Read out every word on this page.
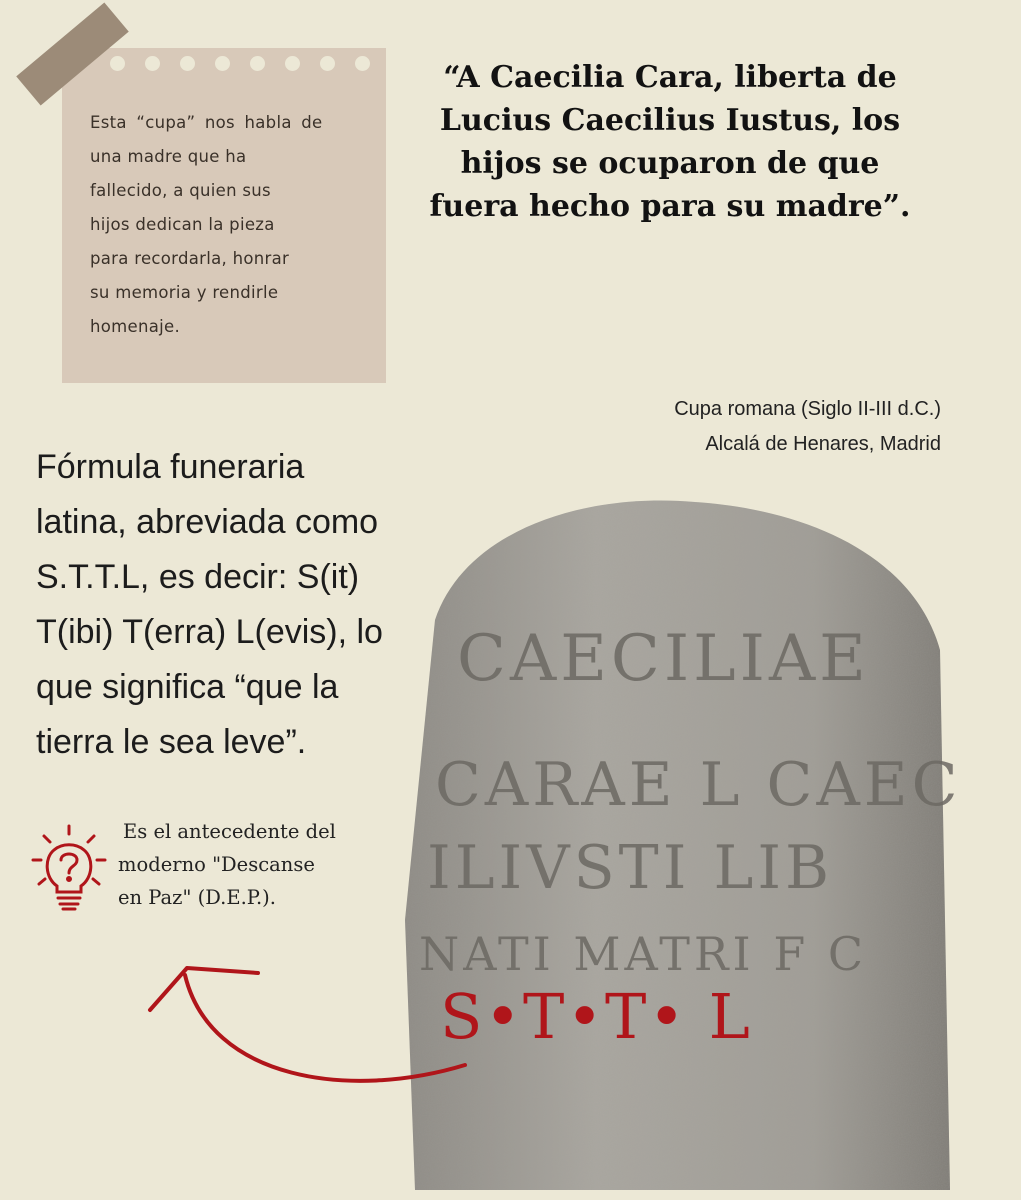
Esta “cupa” nos habla de
una madre que ha
fallecido, a quien sus
hijos dedican la pieza
para recordarla, honrar
su memoria y rendirle
homenaje.
“A Caecilia Cara, liberta de
Lucius Caecilius Iustus, los
hijos se ocuparon de que
fuera hecho para su madre”.
Cupa romana (Siglo II-III d.C.)
Alcalá de Henares, Madrid
Fórmula funeraria
latina, abreviada como
S.T.T.L, es decir: S(it)
T(ibi) T(erra) L(evis), lo
que significa “que la
tierra le sea leve”.
Es el antecedente del
moderno "Descanse
en Paz" (D.E.P.).
CAECILIAE
CARAE L CAEC
ILIVSTI LIB
NATI MATRI F C
S•T•T• L
